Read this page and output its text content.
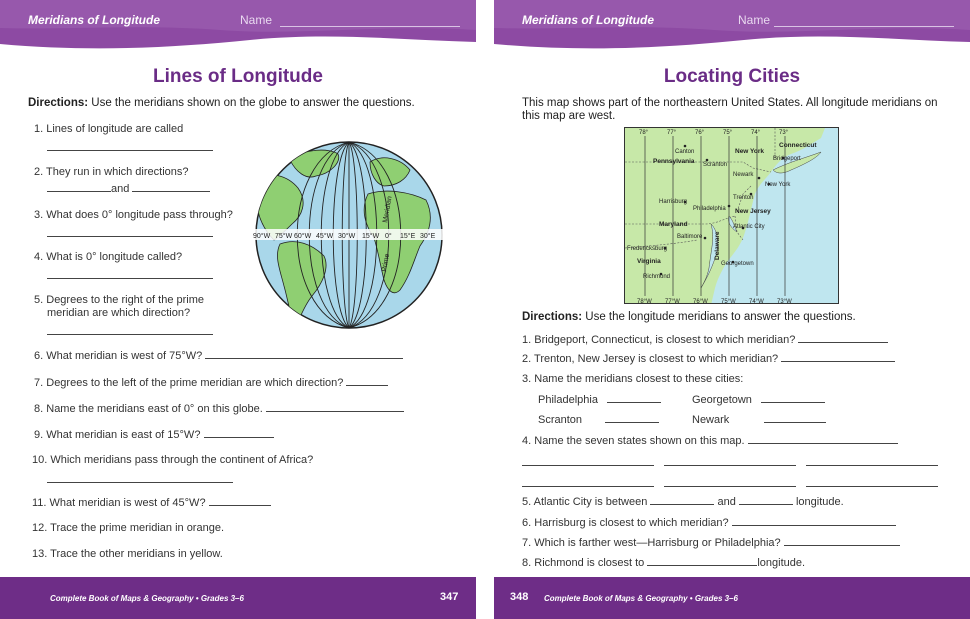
Meridians of Longitude	Name
Lines of Longitude
Directions: Use the meridians shown on the globe to answer the questions.
1. Lines of longitude are called
2. They run in which directions?
and
3. What does 0° longitude pass through?
4. What is 0° longitude called?
5. Degrees to the right of the prime
meridian are which direction?
6. What meridian is west of 75°W?
7. Degrees to the left of the prime meridian are which direction?
8. Name the meridians east of 0° on this globe.
9. What meridian is east of 15°W?
10. Which meridians pass through the continent of Africa?
11. What meridian is west of 45°W?
12. Trace the prime meridian in orange.
13. Trace the other meridians in yellow.
90°W 75°W 60°W 45°W 30°W 15°W 0° 15°E 30°E
Prime
Meridian
Complete Book of Maps & Geography • Grades 3–6	347
Meridians of Longitude	Name
Locating Cities
This map shows part of the northeastern United States. All longitude meridians on this map are west.
78°	77°	76°	75°	74°	73°
78°W 77°W 76°W 75°W 74°W 73°W
New York
Connecticut
Pennsylvania
New Jersey
Maryland
Delaware
Virginia
Canton
Scranton
Bridgeport
Newark
New York
Trenton
Harrisburg
Philadelphia
Atlantic City
Baltimore
Fredericksburg
Georgetown
Richmond
Directions: Use the longitude meridians to answer the questions.
1. Bridgeport, Connecticut, is closest to which meridian?
2. Trenton, New Jersey is closest to which meridian?
3. Name the meridians closest to these cities:
Philadelphia	Georgetown
Scranton	Newark
4. Name the seven states shown on this map.
5. Atlantic City is between	and	longitude.
6. Harrisburg is closest to which meridian?
7. Which is farther west—Harrisburg or Philadelphia?
8. Richmond is closest to	longitude.
348 Complete Book of Maps & Geography • Grades 3–6
